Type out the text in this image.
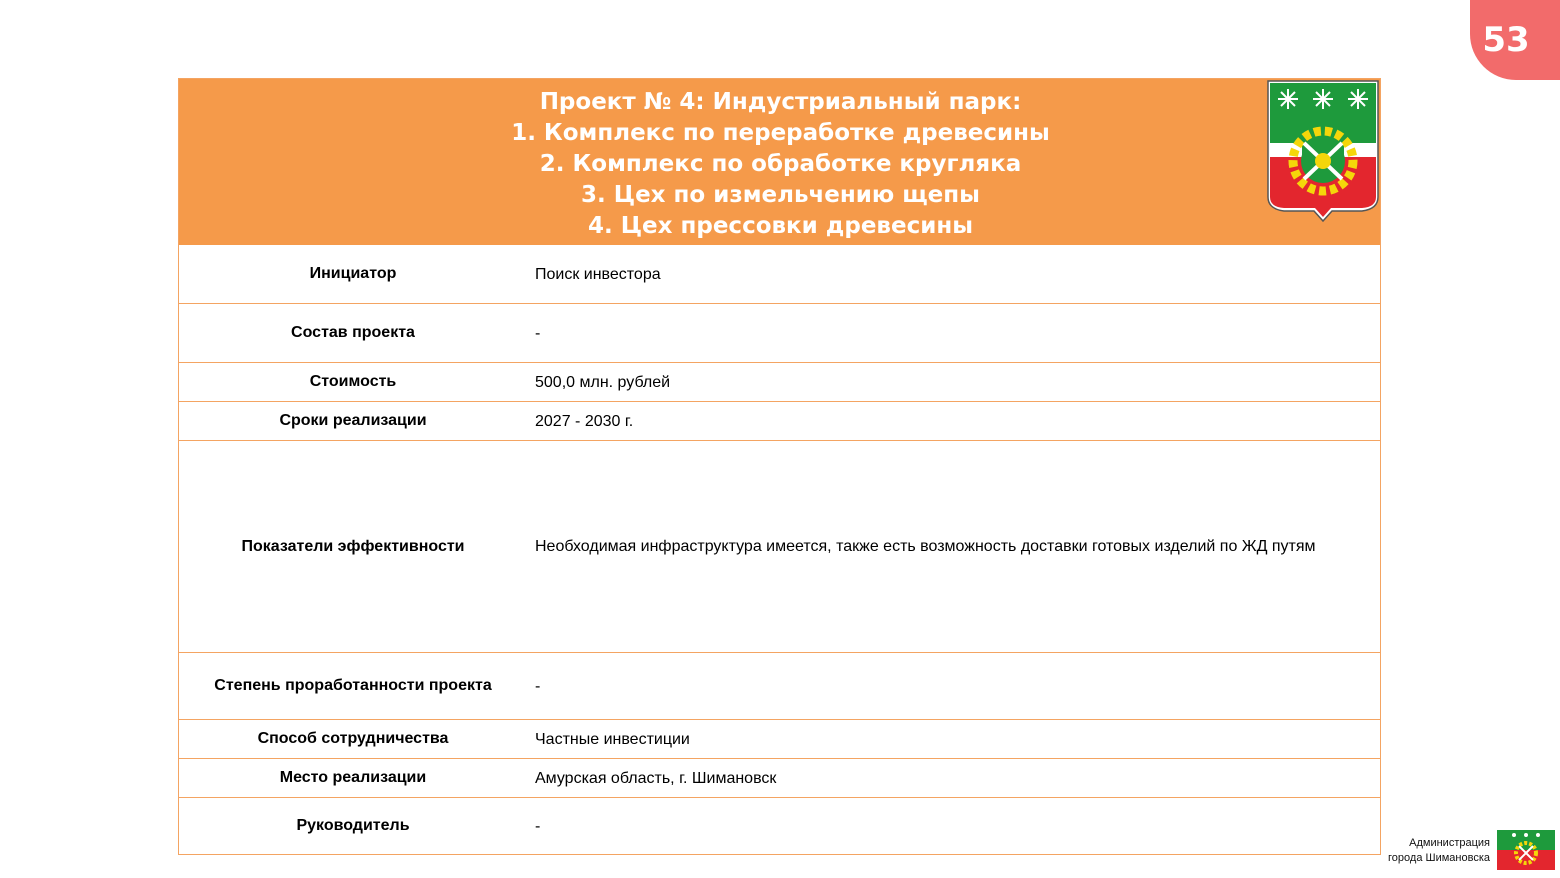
53
Проект № 4: Индустриальный парк:
1. Комплекс по переработке древесины
2. Комплекс по обработке кругляка
3. Цех по измельчению щепы
4. Цех прессовки древесины
Инициатор	Поиск инвестора
Состав проекта	-
Стоимость	500,0 млн. рублей
Сроки реализации	2027 - 2030 г.
Показатели эффективности	Необходимая инфраструктура имеется, также есть возможность доставки готовых изделий по ЖД путям
Степень проработанности проекта	-
Способ сотрудничества	Частные инвестиции
Место реализации	Амурская область, г. Шимановск
Руководитель	-
Администрация
города Шимановска
